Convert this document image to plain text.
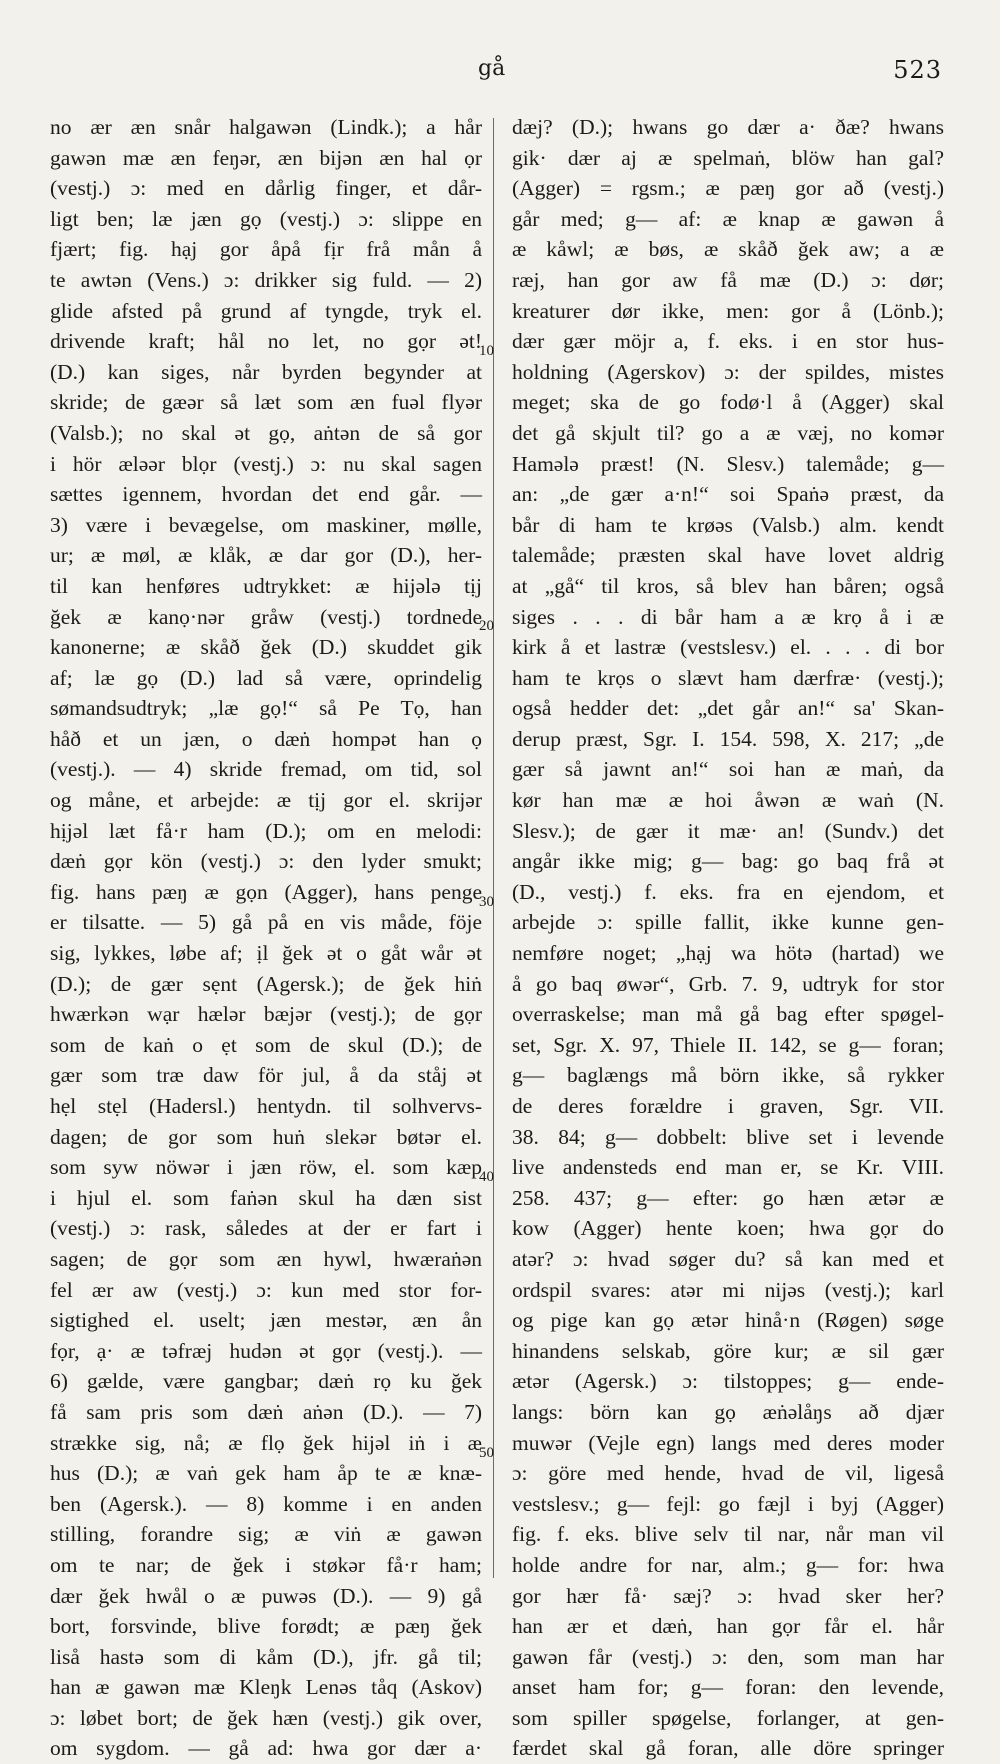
gå	523
no ær æn snår halgawən (Lindk.); a hår
gawən mæ æn feŋər, æn bijən æn hal ọr
(vestj.) ɔ: med en dårlig finger, et dår-
ligt ben; læ jæn gọ (vestj.) ɔ: slippe en
fjært; fig. hạj gor åpå fịr frå mån å
te awtən (Vens.) ɔ: drikker sig fuld. — 2)
glide afsted på grund af tyngde, tryk el.
drivende kraft; hål no let, no gọr ət!
(D.) kan siges, når byrden begynder at
skride; de gæər så læt som æn fuəl flyər
(Valsb.); no skal ət gọ, aṅtən de så gor
i hör æləər blọr (vestj.) ɔ: nu skal sagen
sættes igennem, hvordan det end går. —
3) være i bevægelse, om maskiner, mølle,
ur; æ møl, æ klåk, æ dar gor (D.), her-
til kan henføres udtrykket: æ hijələ tịj
ğek æ kanọ·nər gråw (vestj.) tordnede
kanonerne; æ skåð ğek (D.) skuddet gik
af; læ gọ (D.) lad så være, oprindelig
sømandsudtryk; „læ gọ!“ så Pe Tọ, han
håð et un jæn, o dæṅ hompət han ọ
(vestj.). — 4) skride fremad, om tid, sol
og måne, et arbejde: æ tịj gor el. skrijər
hịjəl læt få·r ham (D.); om en melodi:
dæṅ gọr kön (vestj.) ɔ: den lyder smukt;
fig. hans pæŋ æ gọn (Agger), hans penge
er tilsatte. — 5) gå på en vis måde, föje
sig, lykkes, løbe af; ịl ğek ət o gåt wår ət
(D.); de gær sẹnt (Agersk.); de ğek hiṅ
hwærkən wạr hælər bæjər (vestj.); de gọr
som de kaṅ o ẹt som de skul (D.); de
gær som træ daw för jul, å da ståj ət
hẹl stẹl (Hadersl.) hentydn. til solhvervs-
dagen; de gor som huṅ slekər bøtər el.
som syw nöwər i jæn röw, el. som kæp
i hjul el. som faṅən skul ha dæn sist
(vestj.) ɔ: rask, således at der er fart i
sagen; de gọr som æn hywl, hwæraṅən
fel ær aw (vestj.) ɔ: kun med stor for-
sigtighed el. uselt; jæn mestər, æn ån
fọr, ạ· æ təfræj hudən ət gọr (vestj.). —
6) gælde, være gangbar; dæṅ rọ ku ğek
få sam pris som dæṅ aṅən (D.). — 7)
strække sig, nå; æ flọ ğek hijəl iṅ i æ
hus (D.); æ vaṅ gek ham åp te æ knæ-
ben (Agersk.). — 8) komme i en anden
stilling, forandre sig; æ viṅ æ gawən
om te nar; de ğek i støkər få·r ham;
dær ğek hwål o æ puwəs (D.). — 9) gå
bort, forsvinde, blive forødt; æ pæŋ ğek
liså hastə som di kåm (D.), jfr. gå til;
han æ gawən mæ Kleŋk Lenəs tåq (Askov)
ɔ: løbet bort; de ğek hæn (vestj.) gik over,
om sygdom. — gå ad: hwa gor dær a·
dæj? (D.); hwans go dær a· ðæ? hwans
gik· dær aj æ spelmaṅ, blöw han gal?
(Agger) = rgsm.; æ pæŋ gor að (vestj.)
går med; g— af: æ knap æ gawən å
æ kåwl; æ bøs, æ skåð ğek aw; a æ
ræj, han gor aw få mæ (D.) ɔ: dør;
kreaturer dør ikke, men: gor å (Lönb.);
dær gær möjr a, f. eks. i en stor hus-
holdning (Agerskov) ɔ: der spildes, mistes
meget; ska de go fodø·l å (Agger) skal
det gå skjult til? go a æ væj, no komər
Hamələ præst! (N. Slesv.) talemåde; g—
an: „de gær a·n!“ soi Spaṅə præst, da
bår di ham te krøəs (Valsb.) alm. kendt
talemåde; præsten skal have lovet aldrig
at „gå“ til kros, så blev han båren; også
siges . . . di bår ham a æ krọ å i æ
kirk å et lastræ (vestslesv.) el. . . . di bor
ham te krọs o slævt ham dærfræ· (vestj.);
også hedder det: „det går an!“ sa' Skan-
derup præst, Sgr. I. 154. 598, X. 217; „de
gær så jawnt an!“ soi han æ maṅ, da
kør han mæ æ hoi åwən æ waṅ (N.
Slesv.); de gær it mæ· an! (Sundv.) det
angår ikke mig; g— bag: go baq frå ət
(D., vestj.) f. eks. fra en ejendom, et
arbejde ɔ: spille fallit, ikke kunne gen-
nemføre noget; „hạj wa hötə (hartad) we
å go baq øwər“, Grb. 7. 9, udtryk for stor
overraskelse; man må gå bag efter spøgel-
set, Sgr. X. 97, Thiele II. 142, se g— foran;
g— baglængs må börn ikke, så rykker
de deres forældre i graven, Sgr. VII.
38. 84; g— dobbelt: blive set i levende
live andensteds end man er, se Kr. VIII.
258. 437; g— efter: go hæn ætər æ
kow (Agger) hente koen; hwa gọr do
atər? ɔ: hvad søger du? så kan med et
ordspil svares: atər mi nijəs (vestj.); karl
og pige kan gọ ætər hinå·n (Røgen) søge
hinandens selskab, göre kur; æ sil gær
ætər (Agersk.) ɔ: tilstoppes; g— ende-
langs: börn kan gọ æṅəlåŋs að djær
muwər (Vejle egn) langs med deres moder
ɔ: göre med hende, hvad de vil, ligeså
vestslesv.; g— fejl: go fæjl i byj (Agger)
fig. f. eks. blive selv til nar, når man vil
holde andre for nar, alm.; g— for: hwa
gor hær få· sæj? ɔ: hvad sker her?
han ær et dæṅ, han gọr får el. hår
gawən får (vestj.) ɔ: den, som man har
anset ham for; g— foran: den levende,
som spiller spøgelse, forlanger, at gen-
færdet skal gå foran, alle döre springer
10
20
30
40
50
